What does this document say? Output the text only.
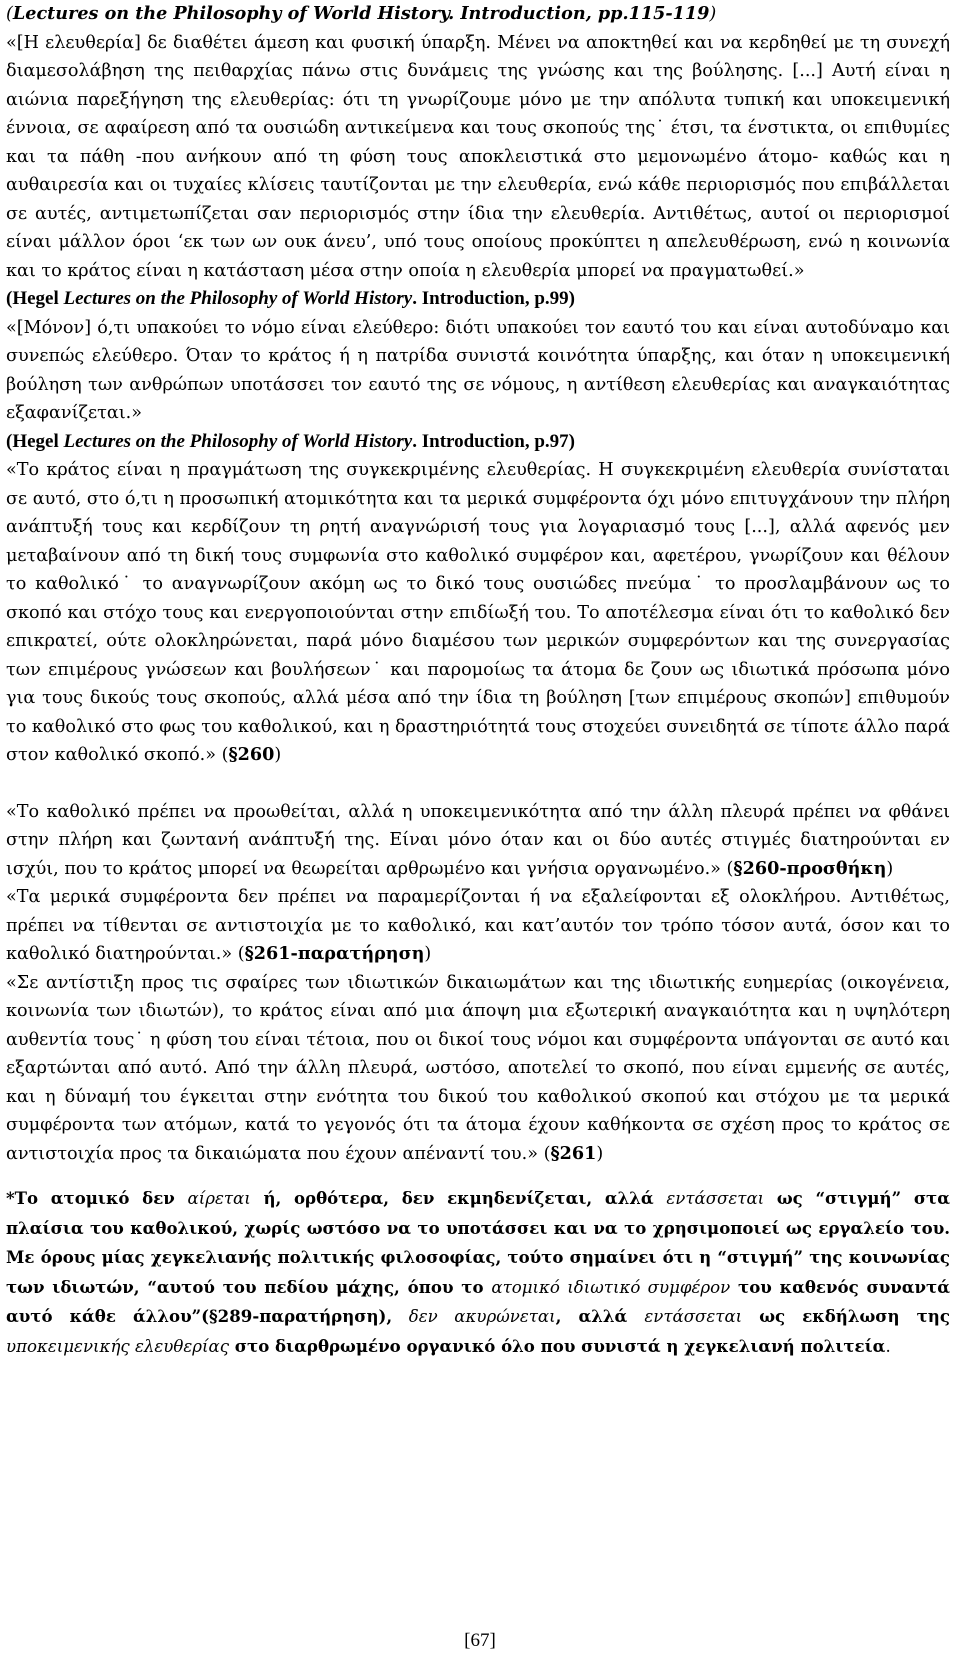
(Lectures on the Philosophy of World History. Introduction, pp.115-119)
«[Η ελευθερία] δε διαθέτει άμεση και φυσική ύπαρξη. Μένει να αποκτηθεί και να κερδηθεί με τη συνεχή διαμεσολάβηση της πειθαρχίας πάνω στις δυνάμεις της γνώσης και της βούλησης. [...] Αυτή είναι η αιώνια παρεξήγηση της ελευθερίας: ότι τη γνωρίζουμε μόνο με την απόλυτα τυπική και υποκειμενική έννοια, σε αφαίρεση από τα ουσιώδη αντικείμενα και τους σκοπούς της˙ έτσι, τα ένστικτα, οι επιθυμίες και τα πάθη -που ανήκουν από τη φύση τους αποκλειστικά στο μεμονωμένο άτομο- καθώς και η αυθαιρεσία και οι τυχαίες κλίσεις ταυτίζονται με την ελευθερία, ενώ κάθε περιορισμός που επιβάλλεται σε αυτές, αντιμετωπίζεται σαν περιορισμός στην ίδια την ελευθερία. Αντιθέτως, αυτοί οι περιορισμοί είναι μάλλον όροι ‘εκ των ων ουκ άνευ’, υπό τους οποίους προκύπτει η απελευθέρωση, ενώ η κοινωνία και το κράτος είναι η κατάσταση μέσα στην οποία η ελευθερία μπορεί να πραγματωθεί.»

(Hegel Lectures on the Philosophy of World History. Introduction, p.99)

«[Μόνον] ό,τι υπακούει το νόμο είναι ελεύθερο: διότι υπακούει τον εαυτό του και είναι αυτοδύναμο και συνεπώς ελεύθερο. Όταν το κράτος ή η πατρίδα συνιστά κοινότητα ύπαρξης, και όταν η υποκειμενική βούληση των ανθρώπων υποτάσσει τον εαυτό της σε νόμους, η αντίθεση ελευθερίας και αναγκαιότητας εξαφανίζεται.»

(Hegel Lectures on the Philosophy of World History. Introduction, p.97)

«Το κράτος είναι η πραγμάτωση της συγκεκριμένης ελευθερίας. Η συγκεκριμένη ελευθερία συνίσταται σε αυτό, στο ό,τι η προσωπική ατομικότητα και τα μερικά συμφέροντα όχι μόνο επιτυγχάνουν την πλήρη ανάπτυξή τους και κερδίζουν τη ρητή αναγνώρισή τους για λογαριασμό τους [...], αλλά αφενός μεν μεταβαίνουν από τη δική τους συμφωνία στο καθολικό συμφέρον και, αφετέρου, γνωρίζουν και θέλουν το καθολικό˙ το αναγνωρίζουν ακόμη ως το δικό τους ουσιώδες πνεύμα˙ το προσλαμβάνουν ως το σκοπό και στόχο τους και ενεργοποιούνται στην επιδίωξή του. Το αποτέλεσμα είναι ότι το καθολικό δεν επικρατεί, ούτε ολοκληρώνεται, παρά μόνο διαμέσου των μερικών συμφερόντων και της συνεργασίας των επιμέρους γνώσεων και βουλήσεων˙ και παρομοίως τα άτομα δε ζουν ως ιδιωτικά πρόσωπα μόνο για τους δικούς τους σκοπούς, αλλά μέσα από την ίδια τη βούληση [των επιμέρους σκοπών] επιθυμούν το καθολικό στο φως του καθολικού, και η δραστηριότητά τους στοχεύει συνειδητά σε τίποτε άλλο παρά στον καθολικό σκοπό.» (§260)

«Το καθολικό πρέπει να προωθείται, αλλά η υποκειμενικότητα από την άλλη πλευρά πρέπει να φθάνει στην πλήρη και ζωντανή ανάπτυξή της. Είναι μόνο όταν και οι δύο αυτές στιγμές διατηρούνται εν ισχύι, που το κράτος μπορεί να θεωρείται αρθρωμένο και γνήσια οργανωμένο.» (§260-προσθήκη)

«Τα μερικά συμφέροντα δεν πρέπει να παραμερίζονται ή να εξαλείφονται εξ ολοκλήρου. Αντιθέτως, πρέπει να τίθενται σε αντιστοιχία με το καθολικό, και κατ’αυτόν τον τρόπο τόσον αυτά, όσον και το καθολικό διατηρούνται.» (§261-παρατήρηση)

«Σε αντίστιξη προς τις σφαίρες των ιδιωτικών δικαιωμάτων και της ιδιωτικής ευημερίας (οικογένεια, κοινωνία των ιδιωτών), το κράτος είναι από μια άποψη μια εξωτερική αναγκαιότητα και η υψηλότερη αυθεντία τους˙ η φύση του είναι τέτοια, που οι δικοί τους νόμοι και συμφέροντα υπάγονται σε αυτό και εξαρτώνται από αυτό. Από την άλλη πλευρά, ωστόσο, αποτελεί το σκοπό, που είναι εμμενής σε αυτές, και η δύναμή του έγκειται στην ενότητα του δικού του καθολικού σκοπού και στόχου με τα μερικά συμφέροντα των ατόμων, κατά το γεγονός ότι τα άτομα έχουν καθήκοντα σε σχέση προς το κράτος σε αντιστοιχία προς τα δικαιώματα που έχουν απέναντί του.» (§261)

*Το ατομικό δεν αίρεται ή, ορθότερα, δεν εκμηδενίζεται, αλλά εντάσσεται ως “στιγμή” στα πλαίσια του καθολικού, χωρίς ωστόσο να το υποτάσσει και να το χρησιμοποιεί ως εργαλείο του. Με όρους μίας χεγκελιανής πολιτικής φιλοσοφίας, τούτο σημαίνει ότι η “στιγμή” της κοινωνίας των ιδιωτών, “αυτού του πεδίου μάχης, όπου το ατομικό ιδιωτικό συμφέρον του καθενός συναντά αυτό κάθε άλλου”(§289-παρατήρηση), δεν ακυρώνεται, αλλά εντάσσεται ως εκδήλωση της υποκειμενικής ελευθερίας στο διαρθρωμένο οργανικό όλο που συνιστά η χεγκελιανή πολιτεία.
[67]
